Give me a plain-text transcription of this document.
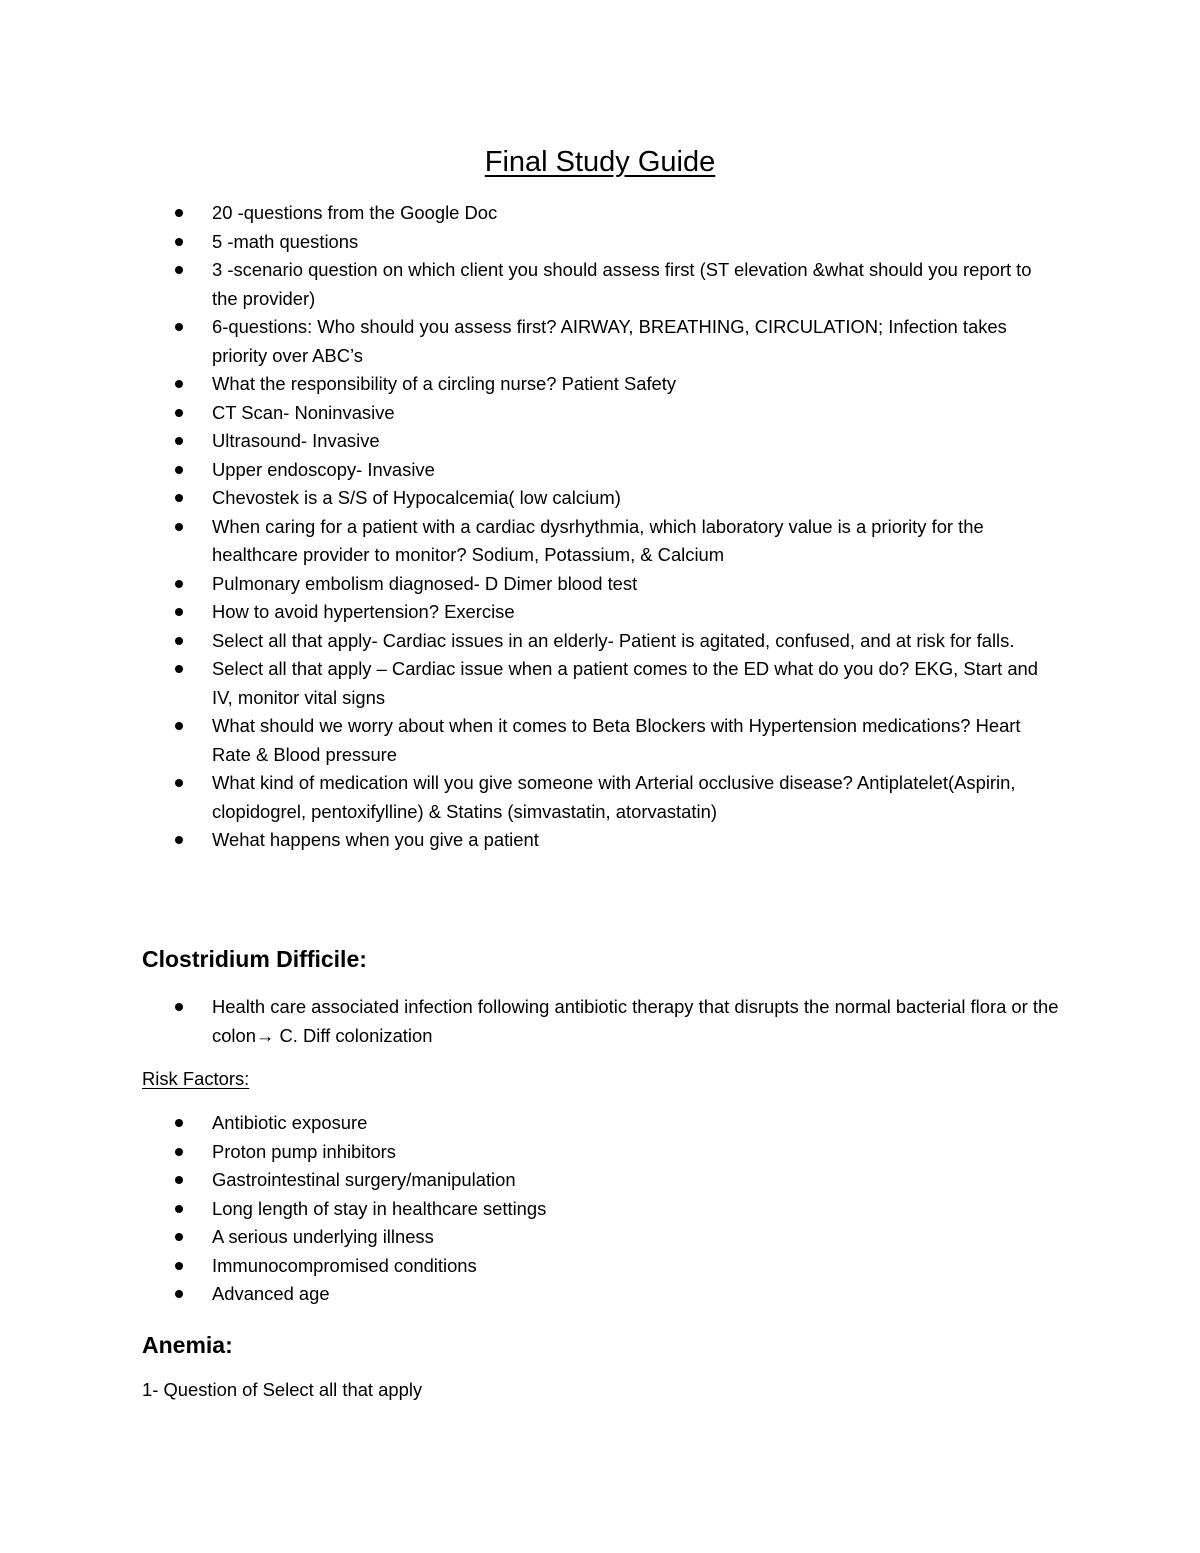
Final Study Guide
20 -questions from the Google Doc
5 -math questions
3 -scenario question on which client you should assess first (ST elevation &what should you report to the provider)
6-questions: Who should you assess first? AIRWAY, BREATHING, CIRCULATION; Infection takes priority over ABC’s
What the responsibility of a circling nurse? Patient Safety
CT Scan- Noninvasive
Ultrasound- Invasive
Upper endoscopy- Invasive
Chevostek is a S/S of Hypocalcemia( low calcium)
When caring for a patient with a cardiac dysrhythmia, which laboratory value is a priority for the healthcare provider to monitor? Sodium, Potassium, & Calcium
Pulmonary embolism diagnosed- D Dimer blood test
How to avoid hypertension? Exercise
Select all that apply- Cardiac issues in an elderly- Patient is agitated, confused, and at risk for falls.
Select all that apply – Cardiac issue when a patient comes to the ED what do you do? EKG, Start and IV, monitor vital signs
What should we worry about when it comes to Beta Blockers with Hypertension medications? Heart Rate & Blood pressure
What kind of medication will you give someone with Arterial occlusive disease? Antiplatelet(Aspirin, clopidogrel, pentoxifylline) & Statins (simvastatin, atorvastatin)
Wehat happens when you give a patient
Clostridium Difficile:
Health care associated infection following antibiotic therapy that disrupts the normal bacterial flora or the colon→ C. Diff colonization

Risk Factors:

Antibiotic exposure
Proton pump inhibitors
Gastrointestinal surgery/manipulation
Long length of stay in healthcare settings
A serious underlying illness
Immunocompromised conditions
Advanced age
Anemia:

1- Question of Select all that apply
